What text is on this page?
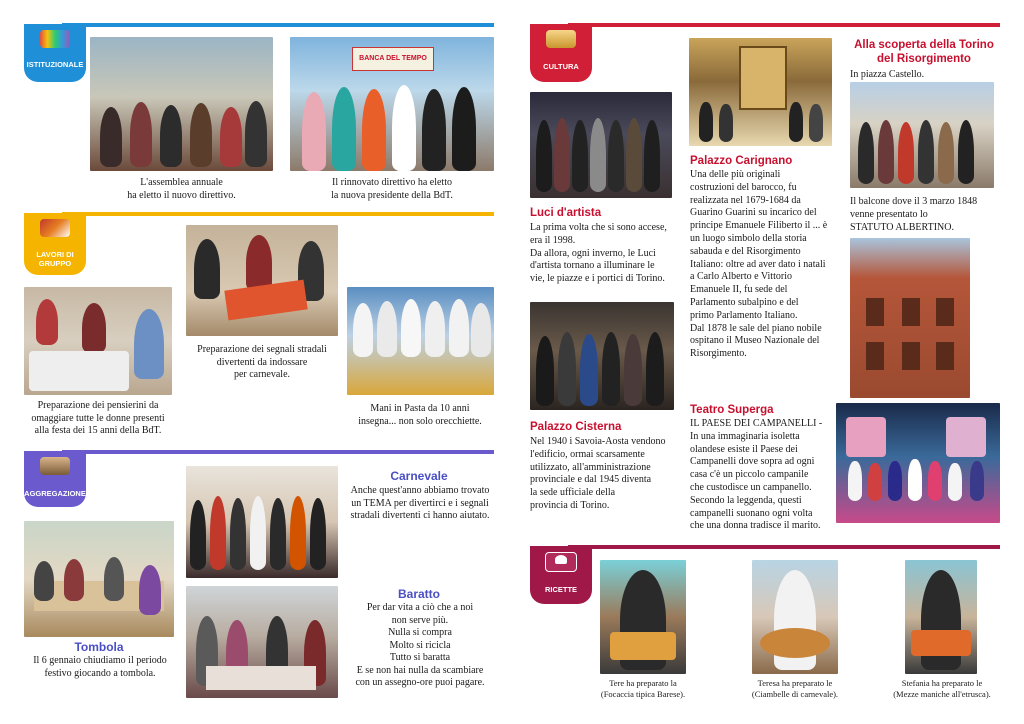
ISTITUZIONALE
L'assemblea annuale
ha eletto il nuovo direttivo.
BANCA DEL TEMPO
Il rinnovato direttivo ha eletto
la nuova presidente della BdT.
LAVORI DI
GRUPPO
Preparazione dei pensierini da
omaggiare tutte le donne presenti
alla festa dei 15 anni della BdT.
Preparazione dei segnali stradali
divertenti da indossare
per carnevale.
Mani in Pasta da 10 anni
insegna... non solo orecchiette.
AGGREGAZIONE
Tombola
Il 6 gennaio chiudiamo il periodo
festivo giocando a tombola.
Carnevale
Anche quest'anno abbiamo trovato
un TEMA per divertirci e i segnali
stradali divertenti ci hanno aiutato.
Baratto
Per dar vita a ciò che a noi
non serve più.
Nulla si compra
Molto si ricicla
Tutto si baratta
E se non hai nulla da scambiare
con un assegno-ore puoi pagare.
CULTURA
Luci d'artista
La prima volta che si sono accese,
era il 1998.
Da allora, ogni inverno, le Luci
d'artista tornano a illuminare le
vie, le piazze e i portici di Torino.
Palazzo Cisterna
Nel 1940 i Savoia-Aosta vendono
l'edificio, ormai scarsamente
utilizzato, all'amministrazione
provinciale e dal 1945 diventa
la sede ufficiale della
provincia di Torino.
Palazzo Carignano
Una delle più originali
costruzioni del barocco, fu
realizzata nel 1679-1684 da
Guarino Guarini su incarico del
principe Emanuele Filiberto il ... è
un luogo simbolo della storia
sabauda e del Risorgimento
Italiano: oltre ad aver dato i natali
a Carlo Alberto e Vittorio
Emanuele II, fu sede del
Parlamento subalpino e del
primo Parlamento Italiano.
Dal 1878 le sale del piano nobile
ospitano il Museo Nazionale del
Risorgimento.
Alla scoperta della Torino
del Risorgimento
In piazza Castello.
Il balcone dove il 3 marzo 1848
venne presentato lo
STATUTO ALBERTINO.
Teatro Superga
IL PAESE DEI CAMPANELLI -
In una immaginaria isoletta
olandese esiste il Paese dei
Campanelli dove sopra ad ogni
casa c'è un piccolo campanile
che custodisce un campanello.
Secondo la leggenda, questi
campanelli suonano ogni volta
che una donna tradisce il marito.
RICETTE
Tere ha preparato la
(Focaccia tipica Barese).
Teresa ha preparato le
(Ciambelle di carnevale).
Stefania ha preparato le
(Mezze maniche all'etrusca).
